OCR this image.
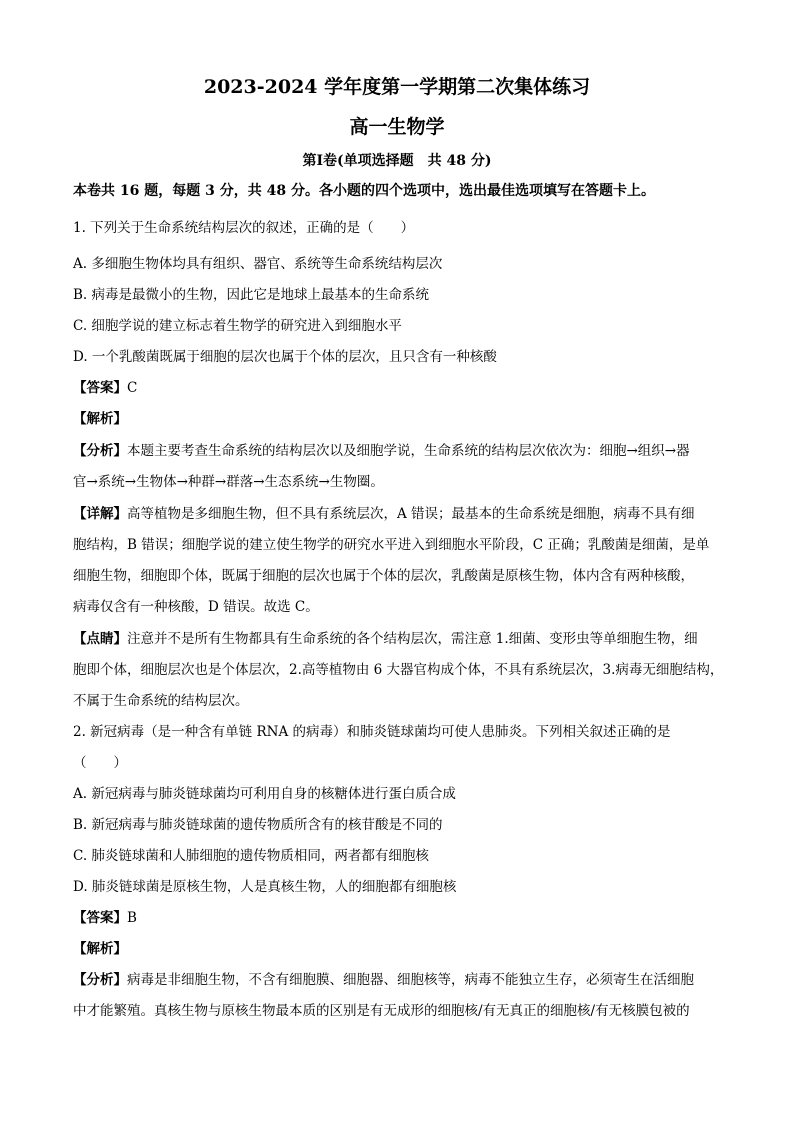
2023-2024 学年度第一学期第二次集体练习
高一生物学
第Ⅰ卷(单项选择题　共 48 分)
本卷共 16 题，每题 3 分，共 48 分。各小题的四个选项中，选出最佳选项填写在答题卡上。
1. 下列关于生命系统结构层次的叙述，正确的是（　　）
A. 多细胞生物体均具有组织、器官、系统等生命系统结构层次
B. 病毒是最微小的生物，因此它是地球上最基本的生命系统
C. 细胞学说的建立标志着生物学的研究进入到细胞水平
D. 一个乳酸菌既属于细胞的层次也属于个体的层次，且只含有一种核酸
【答案】C
【解析】
【分析】本题主要考查生命系统的结构层次以及细胞学说，生命系统的结构层次依次为：细胞→组织→器
官→系统→生物体→种群→群落→生态系统→生物圈。
【详解】高等植物是多细胞生物，但不具有系统层次，A 错误；最基本的生命系统是细胞，病毒不具有细
胞结构，B 错误；细胞学说的建立使生物学的研究水平进入到细胞水平阶段，C 正确；乳酸菌是细菌，是单
细胞生物，细胞即个体，既属于细胞的层次也属于个体的层次，乳酸菌是原核生物，体内含有两种核酸，
病毒仅含有一种核酸，D 错误。故选 C。
【点睛】注意并不是所有生物都具有生命系统的各个结构层次，需注意 1.细菌、变形虫等单细胞生物，细
胞即个体，细胞层次也是个体层次，2.高等植物由 6 大器官构成个体，不具有系统层次，3.病毒无细胞结构，
不属于生命系统的结构层次。
2. 新冠病毒（是一种含有单链 RNA 的病毒）和肺炎链球菌均可使人患肺炎。下列相关叙述正确的是
（　　）
A. 新冠病毒与肺炎链球菌均可利用自身的核糖体进行蛋白质合成
B. 新冠病毒与肺炎链球菌的遗传物质所含有的核苷酸是不同的
C. 肺炎链球菌和人肺细胞的遗传物质相同，两者都有细胞核
D. 肺炎链球菌是原核生物，人是真核生物，人的细胞都有细胞核
【答案】B
【解析】
【分析】病毒是非细胞生物，不含有细胞膜、细胞器、细胞核等，病毒不能独立生存，必须寄生在活细胞
中才能繁殖。真核生物与原核生物最本质的区别是有无成形的细胞核/有无真正的细胞核/有无核膜包被的
